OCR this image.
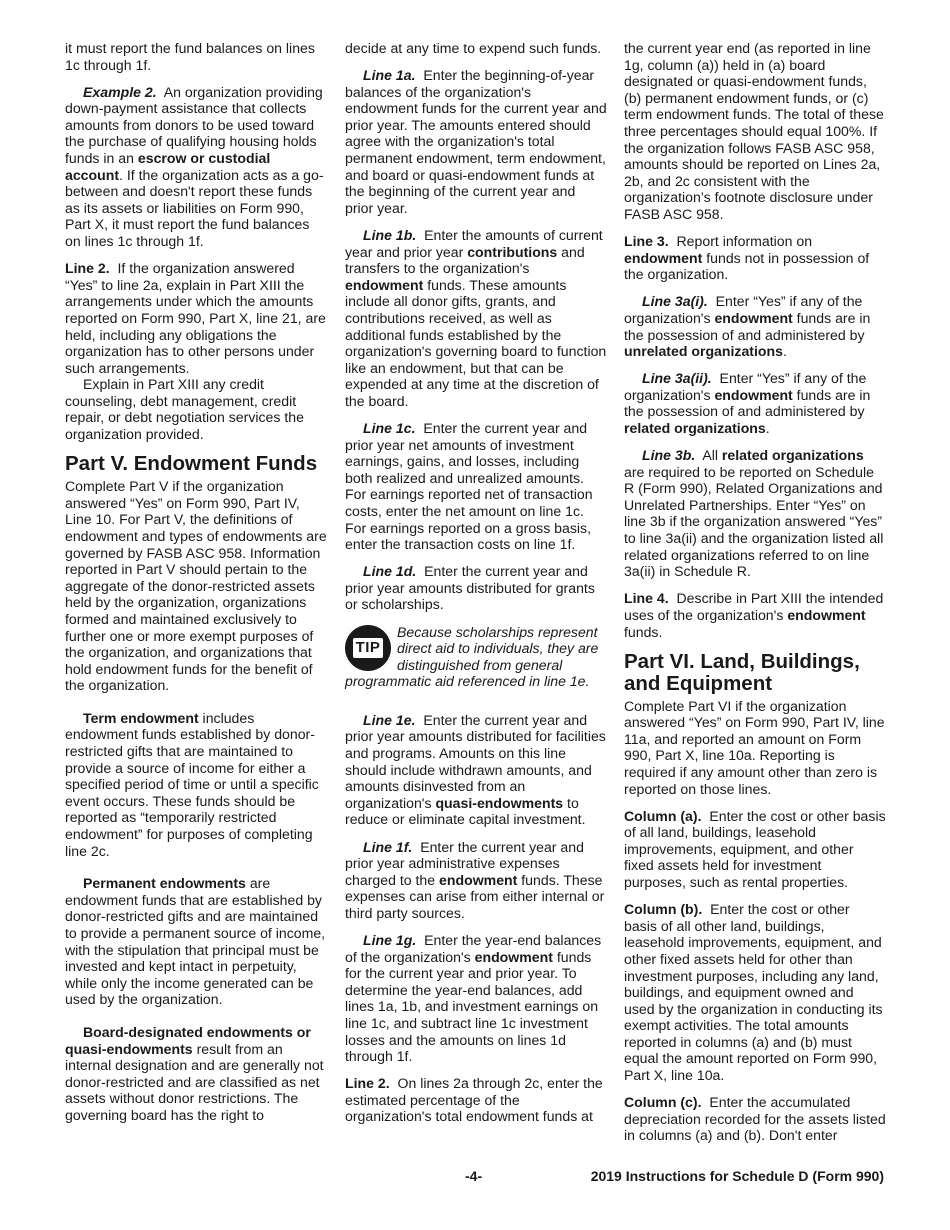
it must report the fund balances on lines 1c through 1f.

Example 2. An organization providing down-payment assistance that collects amounts from donors to be used toward the purchase of qualifying housing holds funds in an escrow or custodial account. If the organization acts as a go-between and doesn't report these funds as its assets or liabilities on Form 990, Part X, it must report the fund balances on lines 1c through 1f.

Line 2. If the organization answered “Yes” to line 2a, explain in Part XIII the arrangements under which the amounts reported on Form 990, Part X, line 21, are held, including any obligations the organization has to other persons under such arrangements.

Explain in Part XIII any credit counseling, debt management, credit repair, or debt negotiation services the organization provided.

Part V. Endowment Funds

Complete Part V if the organization answered “Yes” on Form 990, Part IV, Line 10. For Part V, the definitions of endowment and types of endowments are governed by FASB ASC 958. Information reported in Part V should pertain to the aggregate of the donor-restricted assets held by the organization, organizations formed and maintained exclusively to further one or more exempt purposes of the organization, and organizations that hold endowment funds for the benefit of the organization.

Term endowment includes endowment funds established by donor-restricted gifts that are maintained to provide a source of income for either a specified period of time or until a specific event occurs. These funds should be reported as “temporarily restricted endowment” for purposes of completing line 2c.

Permanent endowments are endowment funds that are established by donor-restricted gifts and are maintained to provide a permanent source of income, with the stipulation that principal must be invested and kept intact in perpetuity, while only the income generated can be used by the organization.

Board-designated endowments or quasi-endowments result from an internal designation and are generally not donor-restricted and are classified as net assets without donor restrictions. The governing board has the right to

decide at any time to expend such funds.

Line 1a. Enter the beginning-of-year balances of the organization's endowment funds for the current year and prior year. The amounts entered should agree with the organization's total permanent endowment, term endowment, and board or quasi-endowment funds at the beginning of the current year and prior year.

Line 1b. Enter the amounts of current year and prior year contributions and transfers to the organization's endowment funds. These amounts include all donor gifts, grants, and contributions received, as well as additional funds established by the organization's governing board to function like an endowment, but that can be expended at any time at the discretion of the board.

Line 1c. Enter the current year and prior year net amounts of investment earnings, gains, and losses, including both realized and unrealized amounts. For earnings reported net of transaction costs, enter the net amount on line 1c. For earnings reported on a gross basis, enter the transaction costs on line 1f.

Line 1d. Enter the current year and prior year amounts distributed for grants or scholarships.

TIP
Because scholarships represent direct aid to individuals, they are distinguished from general programmatic aid referenced in line 1e.

Line 1e. Enter the current year and prior year amounts distributed for facilities and programs. Amounts on this line should include withdrawn amounts, and amounts disinvested from an organization's quasi-endowments to reduce or eliminate capital investment.

Line 1f. Enter the current year and prior year administrative expenses charged to the endowment funds. These expenses can arise from either internal or third party sources.

Line 1g. Enter the year-end balances of the organization's endowment funds for the current year and prior year. To determine the year-end balances, add lines 1a, 1b, and investment earnings on line 1c, and subtract line 1c investment losses and the amounts on lines 1d through 1f.

Line 2. On lines 2a through 2c, enter the estimated percentage of the organization's total endowment funds at

the current year end (as reported in line 1g, column (a)) held in (a) board designated or quasi-endowment funds, (b) permanent endowment funds, or (c) term endowment funds. The total of these three percentages should equal 100%. If the organization follows FASB ASC 958, amounts should be reported on Lines 2a, 2b, and 2c consistent with the organization’s footnote disclosure under FASB ASC 958.

Line 3. Report information on endowment funds not in possession of the organization.

Line 3a(i). Enter “Yes” if any of the organization's endowment funds are in the possession of and administered by unrelated organizations.

Line 3a(ii). Enter “Yes” if any of the organization's endowment funds are in the possession of and administered by related organizations.

Line 3b. All related organizations are required to be reported on Schedule R (Form 990), Related Organizations and Unrelated Partnerships. Enter “Yes” on line 3b if the organization answered “Yes” to line 3a(ii) and the organization listed all related organizations referred to on line 3a(ii) in Schedule R.

Line 4. Describe in Part XIII the intended uses of the organization's endowment funds.

Part VI. Land, Buildings, and Equipment

Complete Part VI if the organization answered “Yes” on Form 990, Part IV, line 11a, and reported an amount on Form 990, Part X, line 10a. Reporting is required if any amount other than zero is reported on those lines.

Column (a). Enter the cost or other basis of all land, buildings, leasehold improvements, equipment, and other fixed assets held for investment purposes, such as rental properties.

Column (b). Enter the cost or other basis of all other land, buildings, leasehold improvements, equipment, and other fixed assets held for other than investment purposes, including any land, buildings, and equipment owned and used by the organization in conducting its exempt activities. The total amounts reported in columns (a) and (b) must equal the amount reported on Form 990, Part X, line 10a.

Column (c). Enter the accumulated depreciation recorded for the assets listed in columns (a) and (b). Don't enter

-4-	2019 Instructions for Schedule D (Form 990)
